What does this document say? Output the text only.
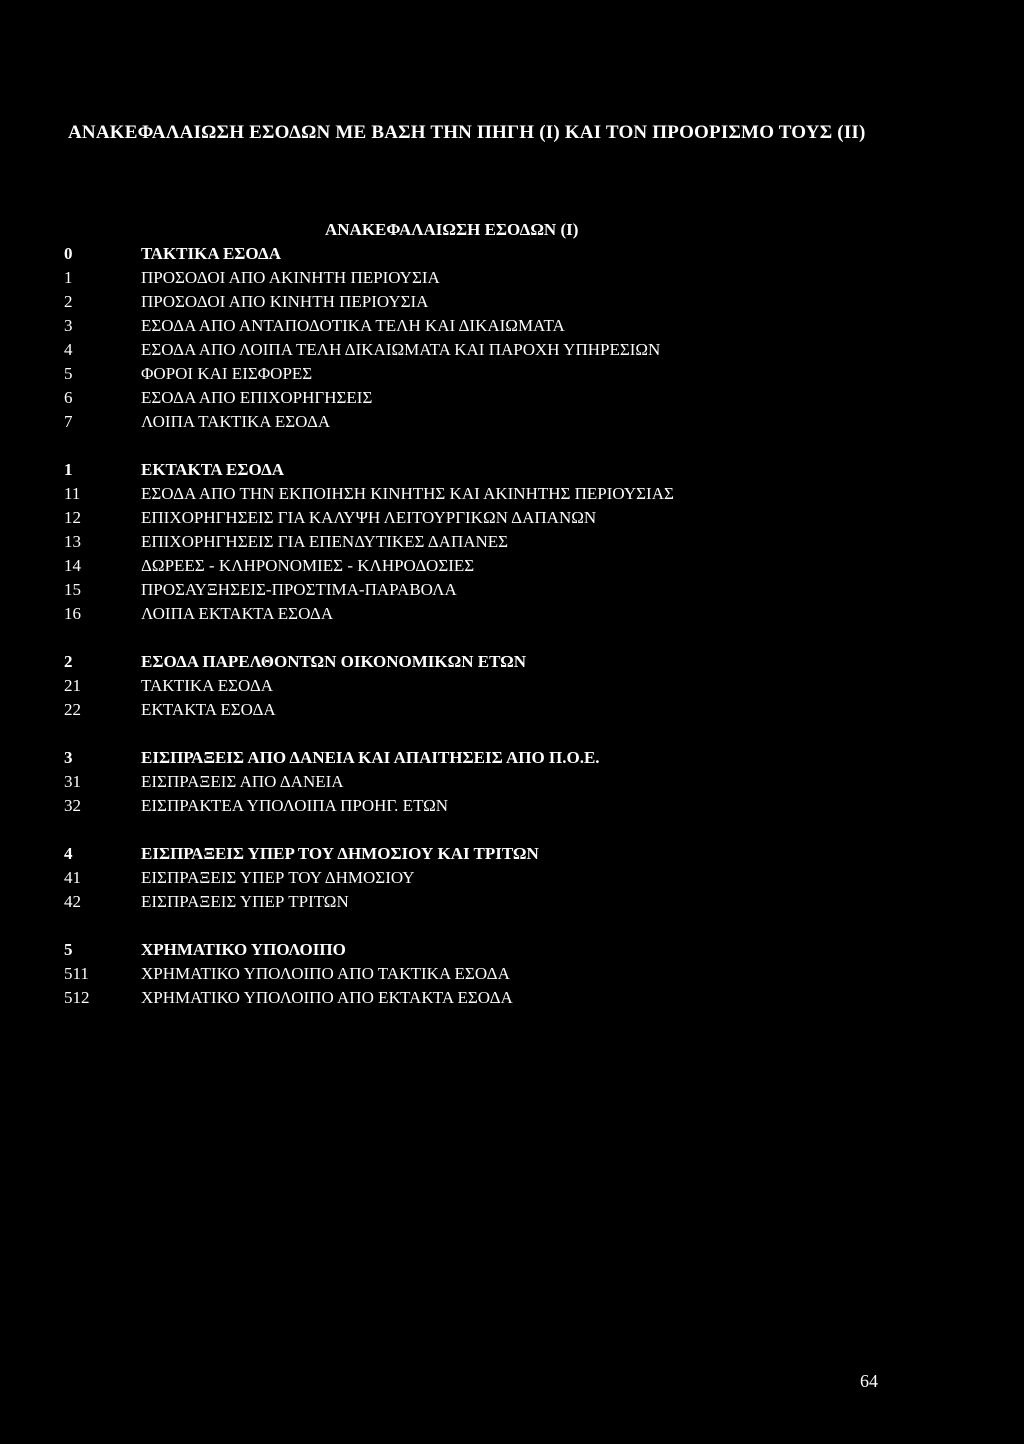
ΑΝΑΚΕΦΑΛΑΙΩΣΗ ΕΣΟΔΩΝ ΜΕ ΒΑΣΗ ΤΗΝ ΠΗΓΗ (Ι) ΚΑΙ ΤΟΝ ΠΡΟΟΡΙΣΜΟ ΤΟΥΣ (ΙΙ)
ΑΝΑΚΕΦΑΛΑΙΩΣΗ ΕΣΟΔΩΝ (Ι)
0	ΤΑΚΤΙΚΑ ΕΣΟΔΑ
1	ΠΡΟΣΟΔΟΙ ΑΠΟ ΑΚΙΝΗΤΗ ΠΕΡΙΟΥΣΙΑ
2	ΠΡΟΣΟΔΟΙ ΑΠΟ ΚΙΝΗΤΗ ΠΕΡΙΟΥΣΙΑ
3	ΕΣΟΔΑ ΑΠΟ ΑΝΤΑΠΟΔΟΤΙΚΑ ΤΕΛΗ ΚΑΙ ΔΙΚΑΙΩΜΑΤΑ
4	ΕΣΟΔΑ ΑΠΟ ΛΟΙΠΑ ΤΕΛΗ ΔΙΚΑΙΩΜΑΤΑ ΚΑΙ ΠΑΡΟΧΗ ΥΠΗΡΕΣΙΩΝ
5	ΦΟΡΟΙ ΚΑΙ ΕΙΣΦΟΡΕΣ
6	ΕΣΟΔΑ ΑΠΟ ΕΠΙΧΟΡΗΓΗΣΕΙΣ
7	ΛΟΙΠΑ ΤΑΚΤΙΚΑ ΕΣΟΔΑ
1	ΕΚΤΑΚΤΑ ΕΣΟΔΑ
11	ΕΣΟΔΑ ΑΠΟ ΤΗΝ ΕΚΠΟΙΗΣΗ ΚΙΝΗΤΗΣ ΚΑΙ ΑΚΙΝΗΤΗΣ ΠΕΡΙΟΥΣΙΑΣ
12	ΕΠΙΧΟΡΗΓΗΣΕΙΣ ΓΙΑ ΚΑΛΥΨΗ ΛΕΙΤΟΥΡΓΙΚΩΝ ΔΑΠΑΝΩΝ
13	ΕΠΙΧΟΡΗΓΗΣΕΙΣ ΓΙΑ ΕΠΕΝΔΥΤΙΚΕΣ ΔΑΠΑΝΕΣ
14	ΔΩΡΕΕΣ - ΚΛΗΡΟΝΟΜΙΕΣ - ΚΛΗΡΟΔΟΣΙΕΣ
15	ΠΡΟΣΑΥΞΗΣΕΙΣ-ΠΡΟΣΤΙΜΑ-ΠΑΡΑΒΟΛΑ
16	ΛΟΙΠΑ ΕΚΤΑΚΤΑ ΕΣΟΔΑ
2	ΕΣΟΔΑ ΠΑΡΕΛΘΟΝΤΩΝ ΟΙΚΟΝΟΜΙΚΩΝ ΕΤΩΝ
21	ΤΑΚΤΙΚΑ ΕΣΟΔΑ
22	ΕΚΤΑΚΤΑ ΕΣΟΔΑ
3	ΕΙΣΠΡΑΞΕΙΣ ΑΠΟ ΔΑΝΕΙΑ ΚΑΙ ΑΠΑΙΤΗΣΕΙΣ ΑΠΟ Π.Ο.Ε.
31	ΕΙΣΠΡΑΞΕΙΣ ΑΠΟ ΔΑΝΕΙΑ
32	ΕΙΣΠΡΑΚΤΕΑ ΥΠΟΛΟΙΠΑ ΠΡΟΗΓ. ΕΤΩΝ
4	ΕΙΣΠΡΑΞΕΙΣ ΥΠΕΡ ΤΟΥ ΔΗΜΟΣΙΟΥ ΚΑΙ ΤΡΙΤΩΝ
41	ΕΙΣΠΡΑΞΕΙΣ ΥΠΕΡ ΤΟΥ ΔΗΜΟΣΙΟΥ
42	ΕΙΣΠΡΑΞΕΙΣ ΥΠΕΡ ΤΡΙΤΩΝ
5	ΧΡΗΜΑΤΙΚΟ ΥΠΟΛΟΙΠΟ
511	ΧΡΗΜΑΤΙΚΟ ΥΠΟΛΟΙΠΟ ΑΠΟ ΤΑΚΤΙΚΑ ΕΣΟΔΑ
512	ΧΡΗΜΑΤΙΚΟ ΥΠΟΛΟΙΠΟ ΑΠΟ ΕΚΤΑΚΤΑ ΕΣΟΔΑ
64
